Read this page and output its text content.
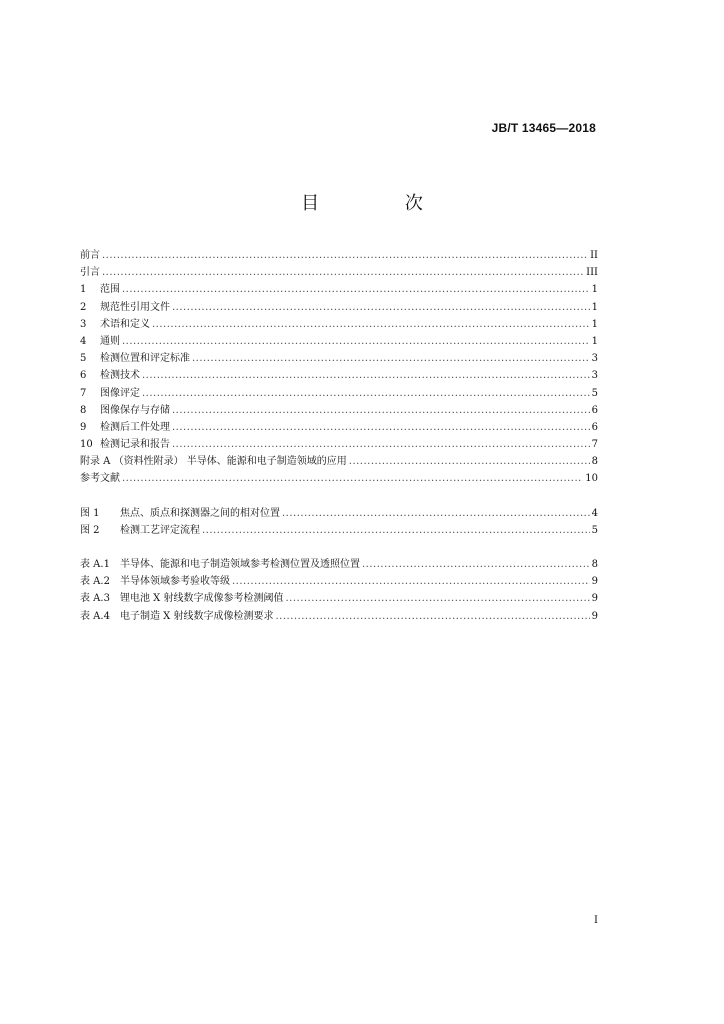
JB/T 13465—2018
目 次
前言 .....	II
引言 .....	III
1 范围 .....	1
2 规范性引用文件 .....	1
3 术语和定义 .....	1
4 通则 .....	1
5 检测位置和评定标准 .....	3
6 检测技术 .....	3
7 图像评定 .....	5
8 图像保存与存储 .....	6
9 检测后工件处理 .....	6
10 检测记录和报告 .....	7
附录 A （资料性附录） 半导体、能源和电子制造领域的应用 .....	8
参考文献 .....	10
图 1 焦点、质点和探测器之间的相对位置 .....	4
图 2 检测工艺评定流程 .....	5
表 A.1 半导体、能源和电子制造领域参考检测位置及透照位置 .....	8
表 A.2 半导体领域参考验收等级 .....	9
表 A.3 锂电池 X 射线数字成像参考检测阈值 .....	9
表 A.4 电子制造 X 射线数字成像检测要求 .....	9
I
